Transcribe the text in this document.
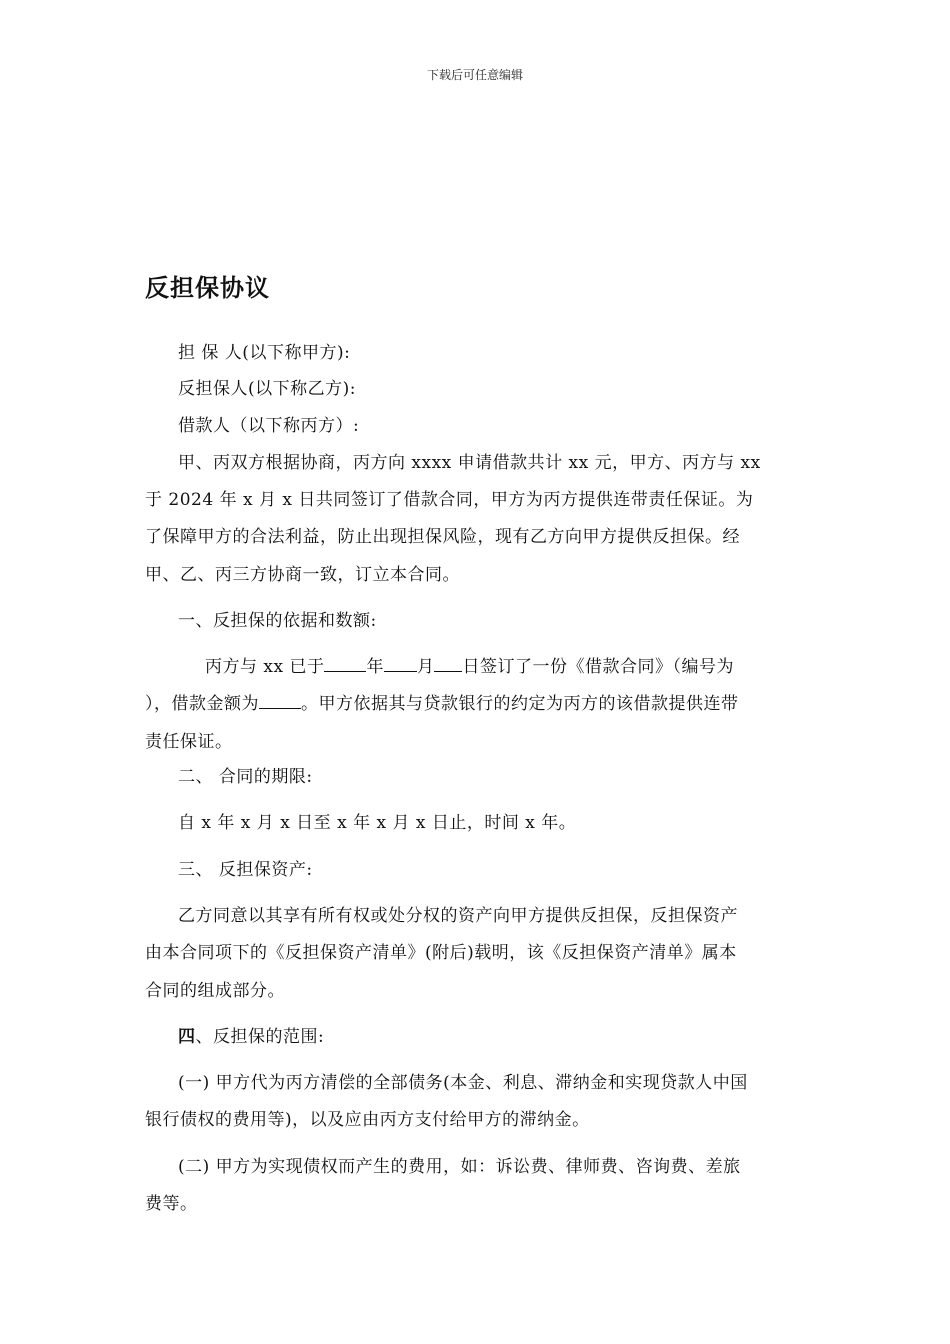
下载后可任意编辑
反担保协议
担 保 人(以下称甲方):
反担保人(以下称乙方):
借款人（以下称丙方）:
甲、丙双方根据协商，丙方向 xxxx 申请借款共计 xx 元，甲方、丙方与 xx
于 2024 年 x 月 x 日共同签订了借款合同，甲方为丙方提供连带责任保证。为
了保障甲方的合法利益，防止出现担保风险，现有乙方向甲方提供反担保。经
甲、乙、丙三方协商一致，订立本合同。
一、反担保的依据和数额:
丙方与 xx 已于 年 月 日签订了一份《借款合同》（编号为
），借款金额为 。甲方依据其与贷款银行的约定为丙方的该借款提供连带
责任保证。
二、 合同的期限:
自 x 年 x 月 x 日至 x 年 x 月 x 日止，时间 x 年。
三、 反担保资产:
乙方同意以其享有所有权或处分权的资产向甲方提供反担保，反担保资产
由本合同项下的《反担保资产清单》(附后)载明，该《反担保资产清单》属本
合同的组成部分。
四、反担保的范围:
(一) 甲方代为丙方清偿的全部债务(本金、利息、滞纳金和实现贷款人中国
银行债权的费用等)，以及应由丙方支付给甲方的滞纳金。
(二) 甲方为实现债权而产生的费用，如：诉讼费、律师费、咨询费、差旅
费等。
